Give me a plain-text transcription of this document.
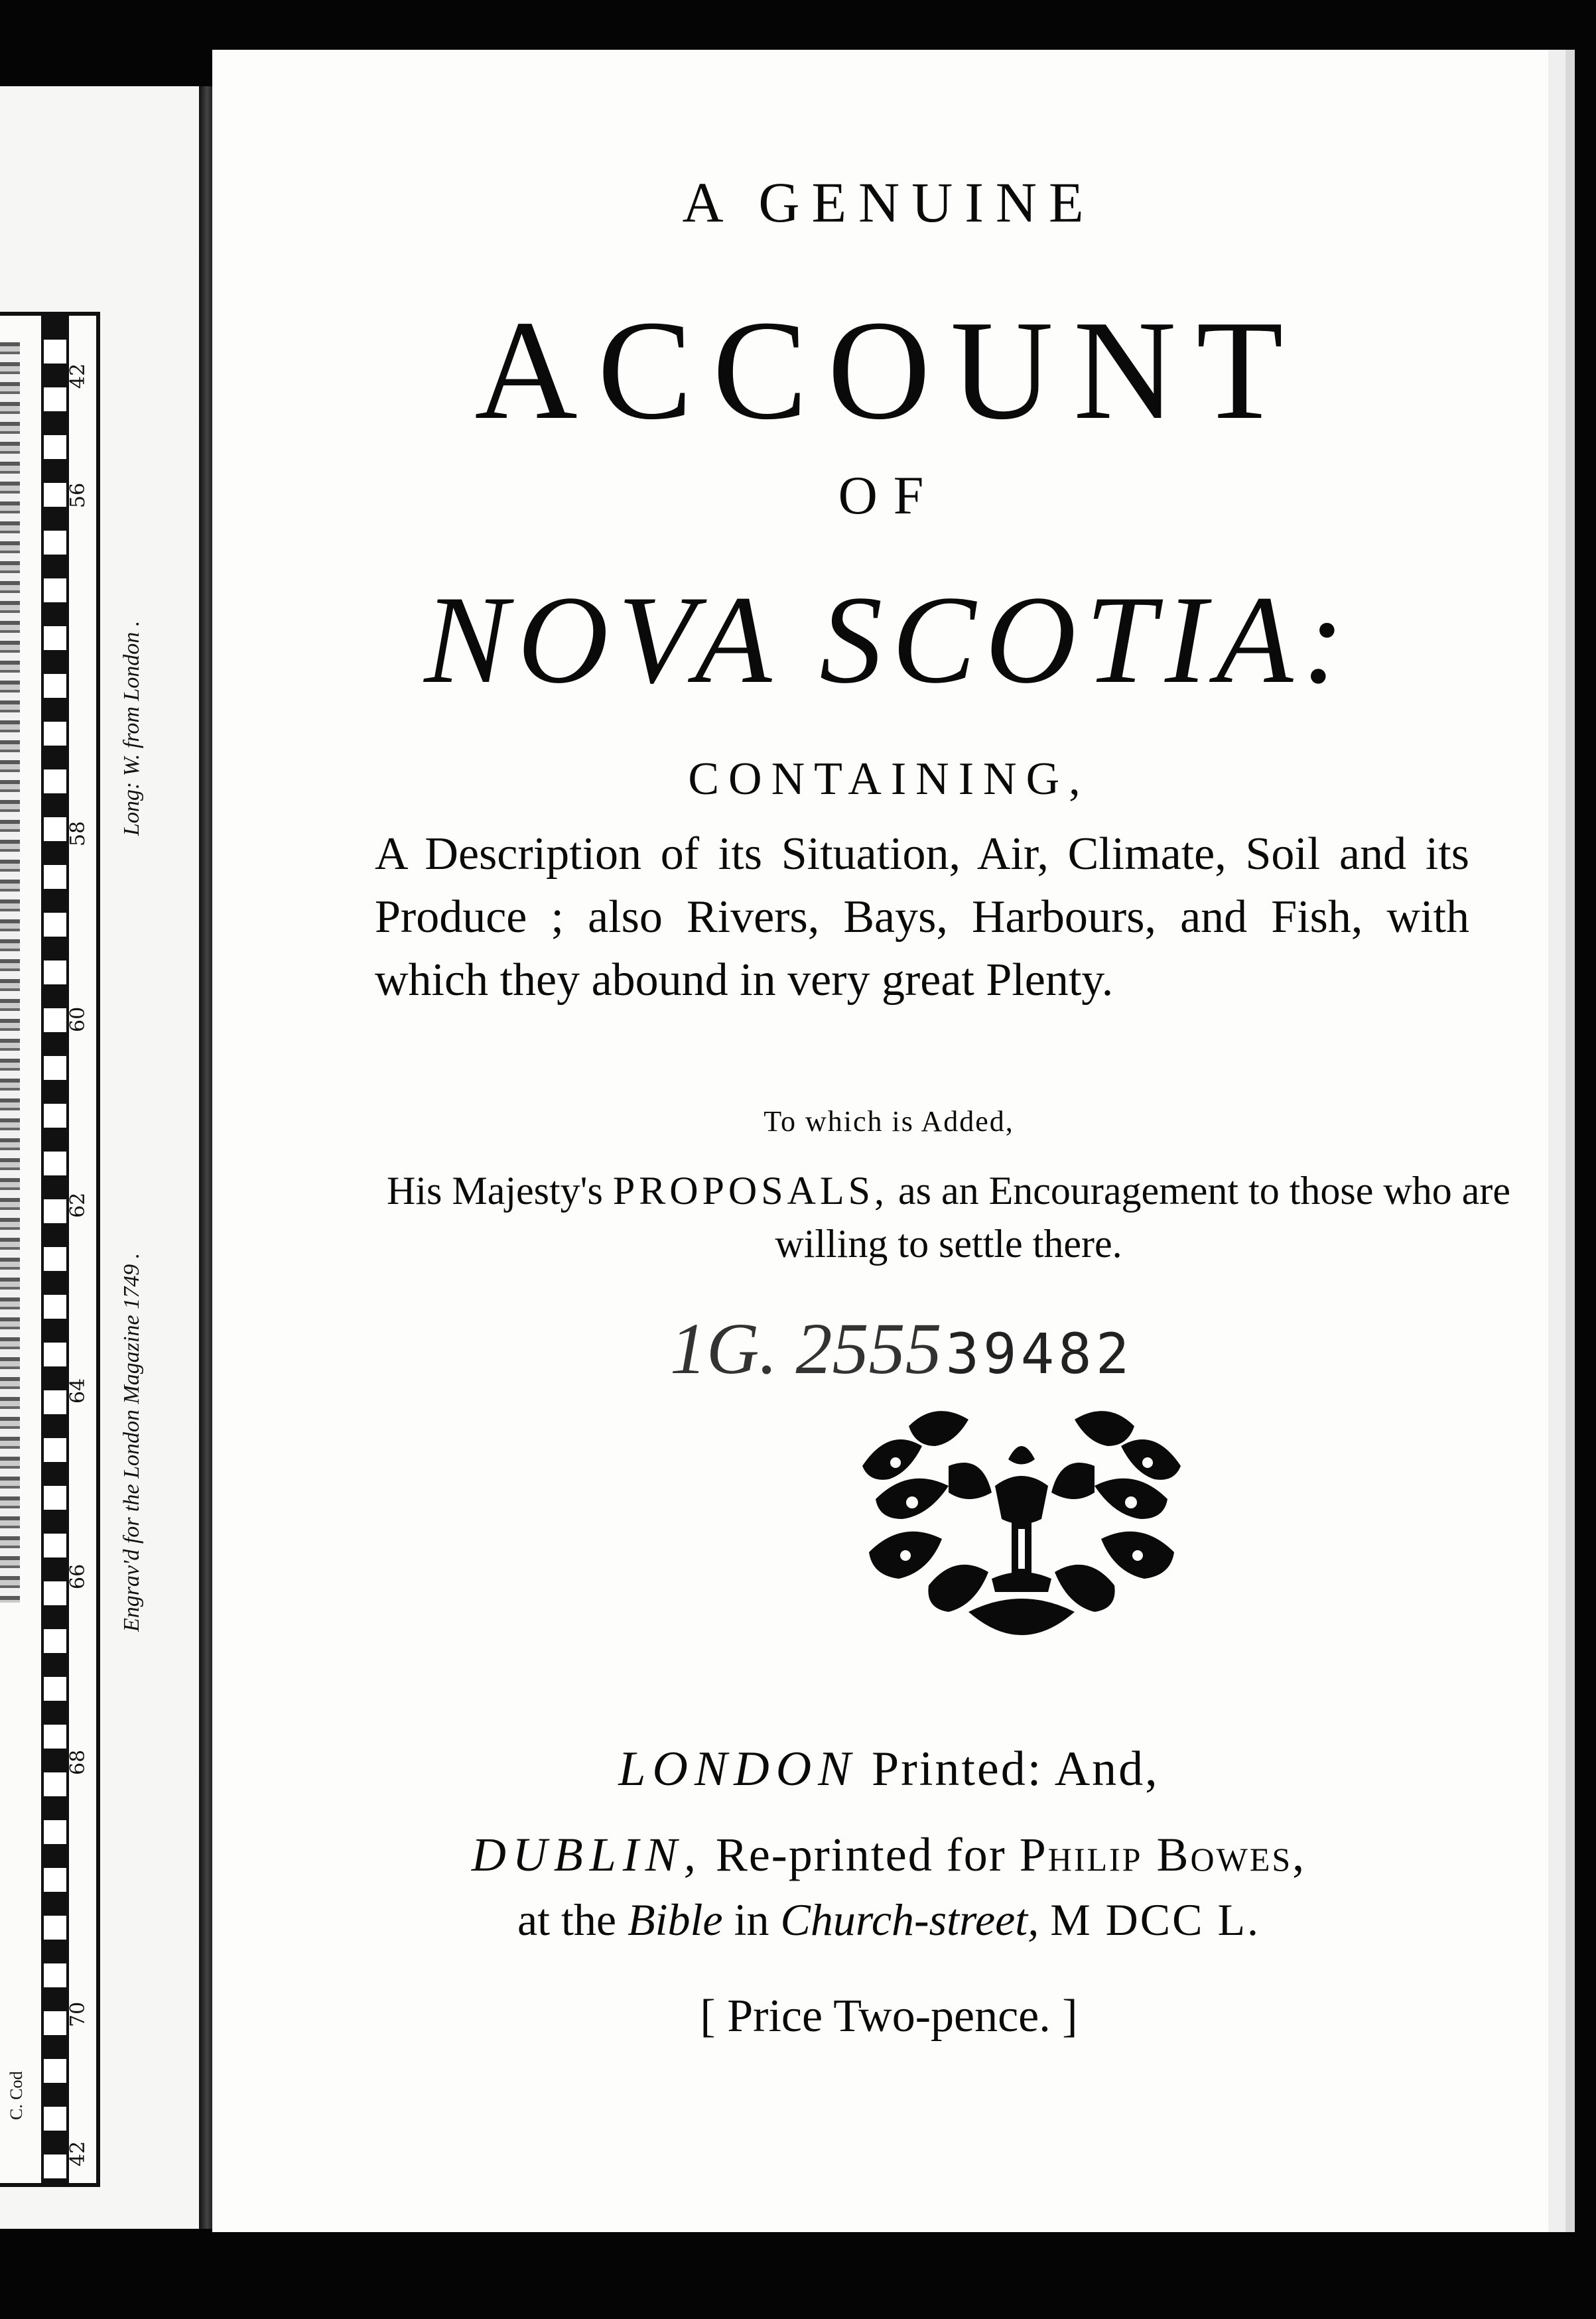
42
56
58
60
62
64
66
68
70
42
C. Cod
Long: W. from London .
Engrav'd for the London Magazine 1749 .
A GENUINE
ACCOUNT
OF
NOVA SCOTIA:
CONTAINING,
A Description of its Situation, Air, Climate, Soil and its Produce ; also Rivers, Bays, Harbours, and Fish, with which they abound in very great Plenty.
To which is Added,
His Majesty's PROPOSALS, as an Encouragement to those who are willing to settle there.
1G. 255539482
LONDON Printed: And,
DUBLIN, Re-printed for Philip Bowes,
at the Bible in Church-street, M DCC L.
[ Price Two-pence. ]
